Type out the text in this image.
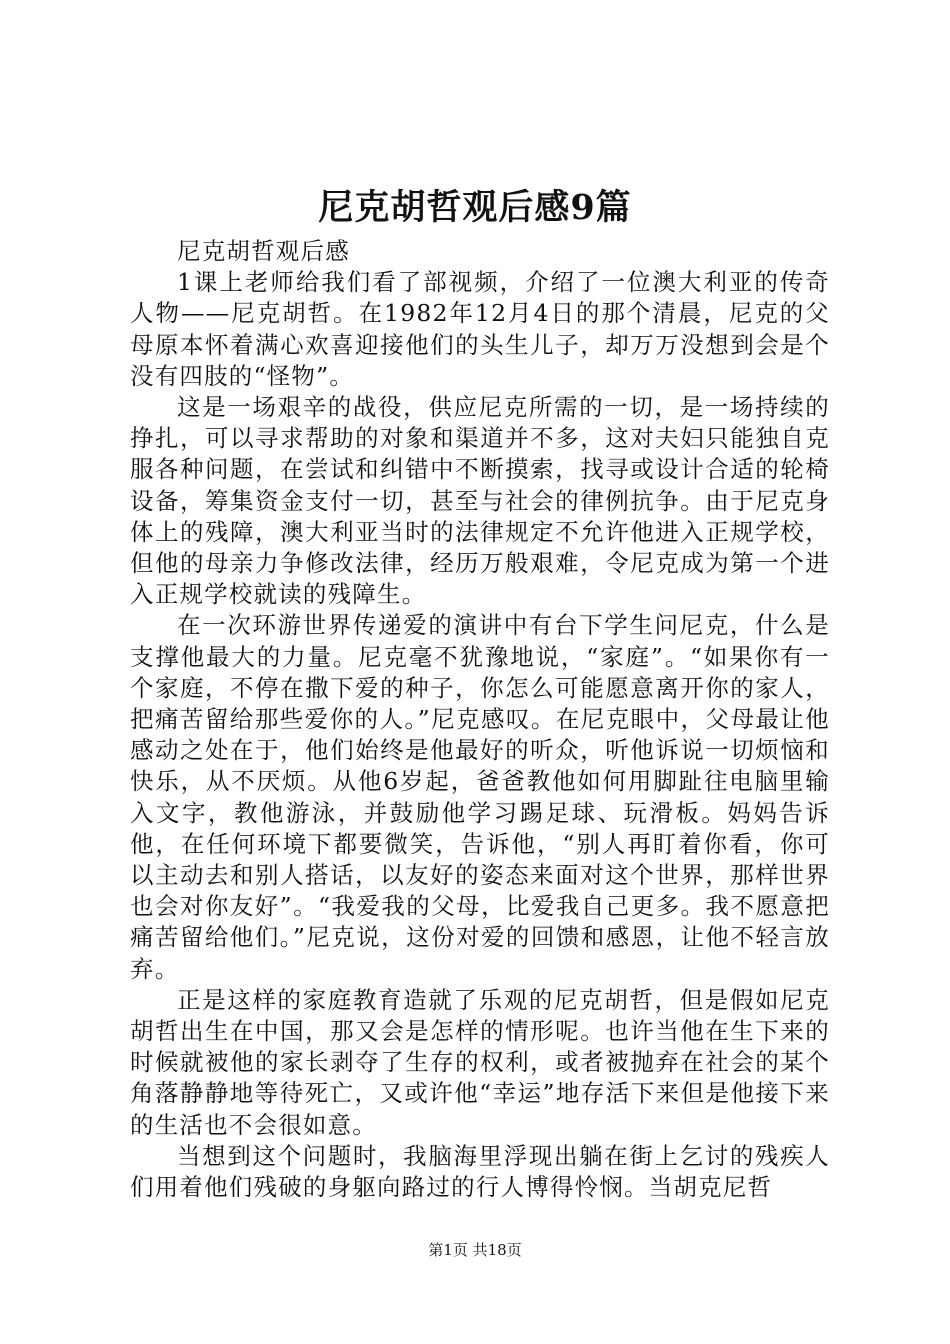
尼克胡哲观后感9篇

尼克胡哲观后感

1课上老师给我们看了部视频，介绍了一位澳大利亚的传奇人物——尼克胡哲。在1982年12月4日的那个清晨，尼克的父母原本怀着满心欢喜迎接他们的头生儿子，却万万没想到会是个没有四肢的“怪物”。

这是一场艰辛的战役，供应尼克所需的一切，是一场持续的挣扎，可以寻求帮助的对象和渠道并不多，这对夫妇只能独自克服各种问题，在尝试和纠错中不断摸索，找寻或设计合适的轮椅设备，筹集资金支付一切，甚至与社会的律例抗争。由于尼克身体上的残障，澳大利亚当时的法律规定不允许他进入正规学校，但他的母亲力争修改法律，经历万般艰难，令尼克成为第一个进入正规学校就读的残障生。

在一次环游世界传递爱的演讲中有台下学生问尼克，什么是支撑他最大的力量。尼克毫不犹豫地说，“家庭”。“如果你有一个家庭，不停在撒下爱的种子，你怎么可能愿意离开你的家人，把痛苦留给那些爱你的人。”尼克感叹。在尼克眼中，父母最让他感动之处在于，他们始终是他最好的听众，听他诉说一切烦恼和快乐，从不厌烦。从他6岁起，爸爸教他如何用脚趾往电脑里输入文字，教他游泳，并鼓励他学习踢足球、玩滑板。妈妈告诉他，在任何环境下都要微笑，告诉他，“别人再盯着你看，你可以主动去和别人搭话，以友好的姿态来面对这个世界，那样世界也会对你友好”。“我爱我的父母，比爱我自己更多。我不愿意把痛苦留给他们。”尼克说，这份对爱的回馈和感恩，让他不轻言放弃。

正是这样的家庭教育造就了乐观的尼克胡哲，但是假如尼克胡哲出生在中国，那又会是怎样的情形呢。也许当他在生下来的时候就被他的家长剥夺了生存的权利，或者被抛弃在社会的某个角落静静地等待死亡，又或许他“幸运”地存活下来但是他接下来的生活也不会很如意。

当想到这个问题时，我脑海里浮现出躺在街上乞讨的残疾人们用着他们残破的身躯向路过的行人博得怜悯。当胡克尼哲

第1页 共18页
